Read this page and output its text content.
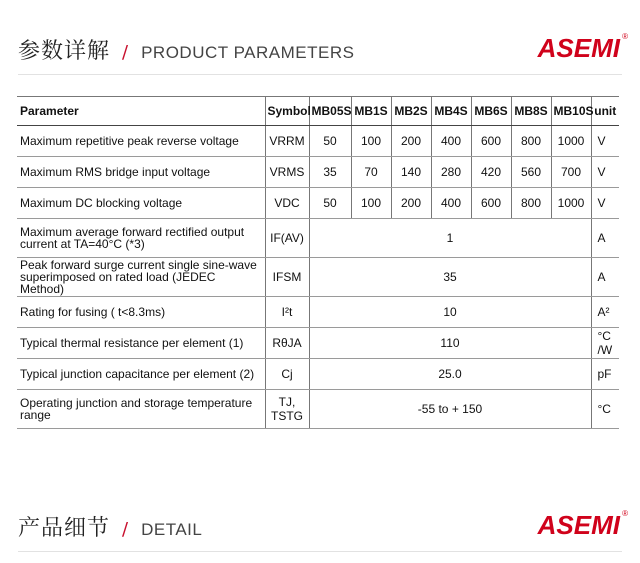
参数详解 / PRODUCT PARAMETERS	ASEMI ®
Parameter	Symbol	MB05S	MB1S	MB2S	MB4S	MB6S	MB8S	MB10S	unit
Maximum repetitive peak reverse voltage	VRRM	50	100	200	400	600	800	1000	V
Maximum RMS bridge input voltage	VRMS	35	70	140	280	420	560	700	V
Maximum DC blocking voltage	VDC	50	100	200	400	600	800	1000	V
Maximum average forward rectified output current at TA=40°C (*3)	IF(AV)	1							A
Peak forward surge current single sine-wave superimposed on rated load (JEDEC Method)	IFSM	35							A
Rating for fusing ( t<8.3ms)	I²t	10							A²
Typical thermal resistance per element (1)	RθJA	110							°C /W
Typical junction capacitance per element (2)	Cj	25.0							pF
Operating junction and storage temperature range	TJ, TSTG	-55 to + 150							°C
产品细节 / DETAIL	ASEMI ®
